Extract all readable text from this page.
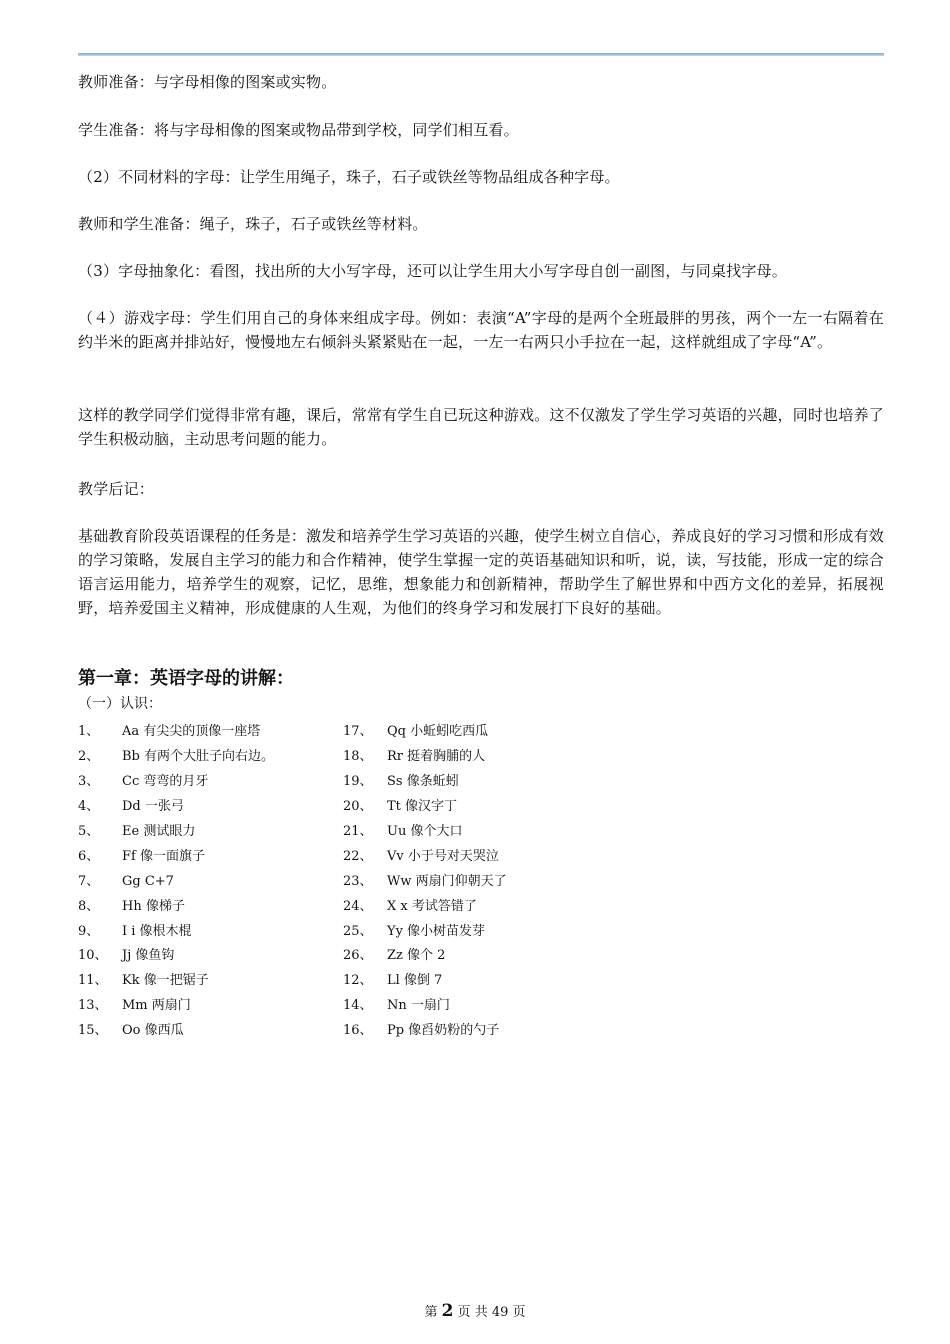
教师准备：与字母相像的图案或实物。

学生准备：将与字母相像的图案或物品带到学校，同学们相互看。

（2）不同材料的字母：让学生用绳子，珠子，石子或铁丝等物品组成各种字母。

教师和学生准备：绳子，珠子，石子或铁丝等材料。

（3）字母抽象化：看图，找出所的大小写字母，还可以让学生用大小写字母自创一副图，与同桌找字母。

（４）游戏字母：学生们用自己的身体来组成字母。例如：表演“A”字母的是两个全班最胖的男孩，两个一左一右隔着在约半米的距离并排站好，慢慢地左右倾斜头紧紧贴在一起，一左一右两只小手拉在一起，这样就组成了字母“A”。

这样的教学同学们觉得非常有趣，课后，常常有学生自已玩这种游戏。这不仅激发了学生学习英语的兴趣，同时也培养了学生积极动脑，主动思考问题的能力。

教学后记：

基础教育阶段英语课程的任务是：激发和培养学生学习英语的兴趣，使学生树立自信心，养成良好的学习习惯和形成有效的学习策略，发展自主学习的能力和合作精神，使学生掌握一定的英语基础知识和听，说，读，写技能，形成一定的综合语言运用能力，培养学生的观察，记忆，思维，想象能力和创新精神，帮助学生了解世界和中西方文化的差异，拓展视野，培养爱国主义精神，形成健康的人生观，为他们的终身学习和发展打下良好的基础。

第一章：英语字母的讲解：
（一）认识：
1、 Aa 有尖尖的顶像一座塔
2、 Bb 有两个大肚子向右边。
3、 Cc 弯弯的月牙
4、 Dd 一张弓
5、 Ee 测试眼力
6、 Ff 像一面旗子
7、 Gg C+7
8、 Hh 像梯子
9、 I i 像根木棍
10、 Jj 像鱼钩
11、 Kk 像一把锯子
13、 Mm 两扇门
15、 Oo 像西瓜
17、 Qq 小蚯蚓吃西瓜
18、 Rr 挺着胸脯的人
19、 Ss 像条蚯蚓
20、 Tt 像汉字丁
21、 Uu 像个大口
22、 Vv 小于号对天哭泣
23、 Ww 两扇门仰朝天了
24、 X x 考试答错了
25、 Yy 像小树苗发芽
26、 Zz 像个 2
12、 Ll 像倒 7
14、 Nn 一扇门
16、 Pp 像舀奶粉的勺子
第 2 页 共 49 页
